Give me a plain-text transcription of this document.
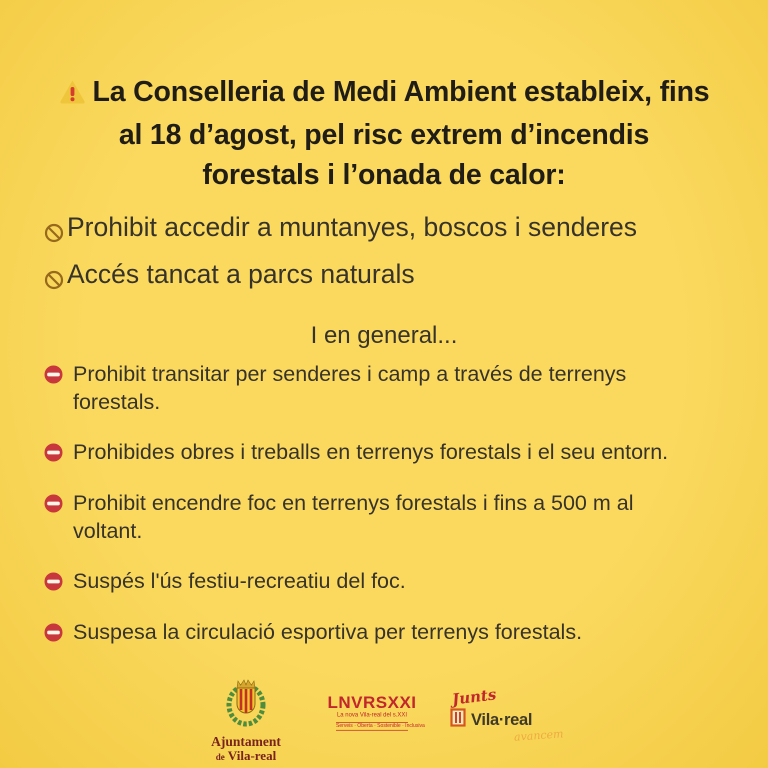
La Conselleria de Medi Ambient estableix, fins
al 18 d’agost, pel risc extrem d’incendis
forestals i l’onada de calor:
Prohibit accedir a muntanyes, boscos i senderes
Accés tancat a parcs naturals
I en general...
Prohibit transitar per senderes i camp a través de terrenys forestals.
Prohibides obres i treballs en terrenys forestals i el seu entorn.
Prohibit encendre foc en terrenys forestals i fins a 500 m al voltant.
Suspés l'ús festiu-recreatiu del foc.
Suspesa la circulació esportiva per terrenys forestals.
Ajuntament
de Vila-real
LNVRSXXI
La nova Vila-real del s.XXI
Serveis · Oberta · Sostenible · Inclusiva
Junts
Vila·real
avancem
